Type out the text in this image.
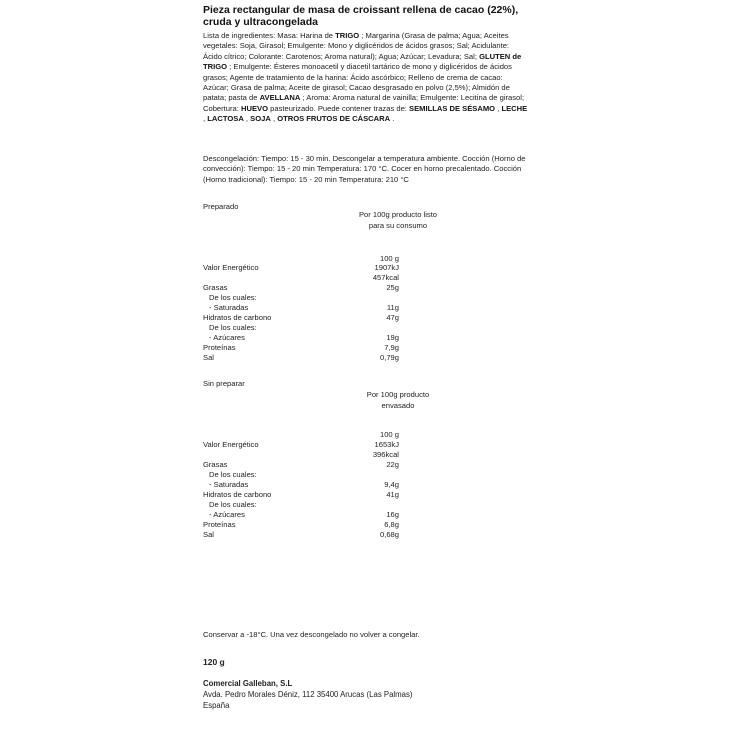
Pieza rectangular de masa de croissant rellena de cacao (22%), cruda y ultracongelada
Lista de ingredientes: Masa: Harina de TRIGO ; Margarina (Grasa de palma; Agua; Aceites vegetales: Soja, Girasol; Emulgente: Mono y diglicéridos de ácidos grasos; Sal; Acidulante: Ácido cítrico; Colorante: Carotenos; Aroma natural); Agua; Azúcar; Levadura; Sal; GLUTEN de TRIGO ; Emulgente: Ésteres monoacetil y diacetil tartárico de mono y diglicéridos de ácidos grasos; Agente de tratamiento de la harina: Ácido ascórbico; Relleno de crema de cacao: Azúcar; Grasa de palma; Aceite de girasol; Cacao desgrasado en polvo (2,5%); Almidón de patata; pasta de AVELLANA ; Aroma: Aroma natural de vainilla; Emulgente: Lecitina de girasol; Cobertura: HUEVO pasteurizado. Puede contener trazas de: SEMILLAS DE SÉSAMO , LECHE , LACTOSA , SOJA , OTROS FRUTOS DE CÁSCARA .
Descongelación: Tiempo: 15 - 30 min. Descongelar a temperatura ambiente. Cocción (Horno de convección): Tiempo: 15 - 20 min Temperatura: 170 °C. Cocer en horno precalentado. Cocción (Horno tradicional): Tiempo: 15 - 20 min Temperatura: 210 °C
Preparado
Por 100g producto listo
para su consumo
100 g
Valor Energético	1907kJ
457kcal
Grasas	25g
De los cuales:
- Saturadas	11g
Hidratos de carbono	47g
De los cuales:
- Azúcares	19g
Proteínas	7,9g
Sal	0,79g
Sin preparar
Por 100g producto
envasado
100 g
Valor Energético	1653kJ
396kcal
Grasas	22g
De los cuales:
- Saturadas	9,4g
Hidratos de carbono	41g
De los cuales:
- Azúcares	16g
Proteínas	6,8g
Sal	0,68g
Conservar a -18°C. Una vez descongelado no volver a congelar.
120 g
Comercial Galleban, S.L
Avda. Pedro Morales Déniz, 112 35400 Arucas (Las Palmas)
España
